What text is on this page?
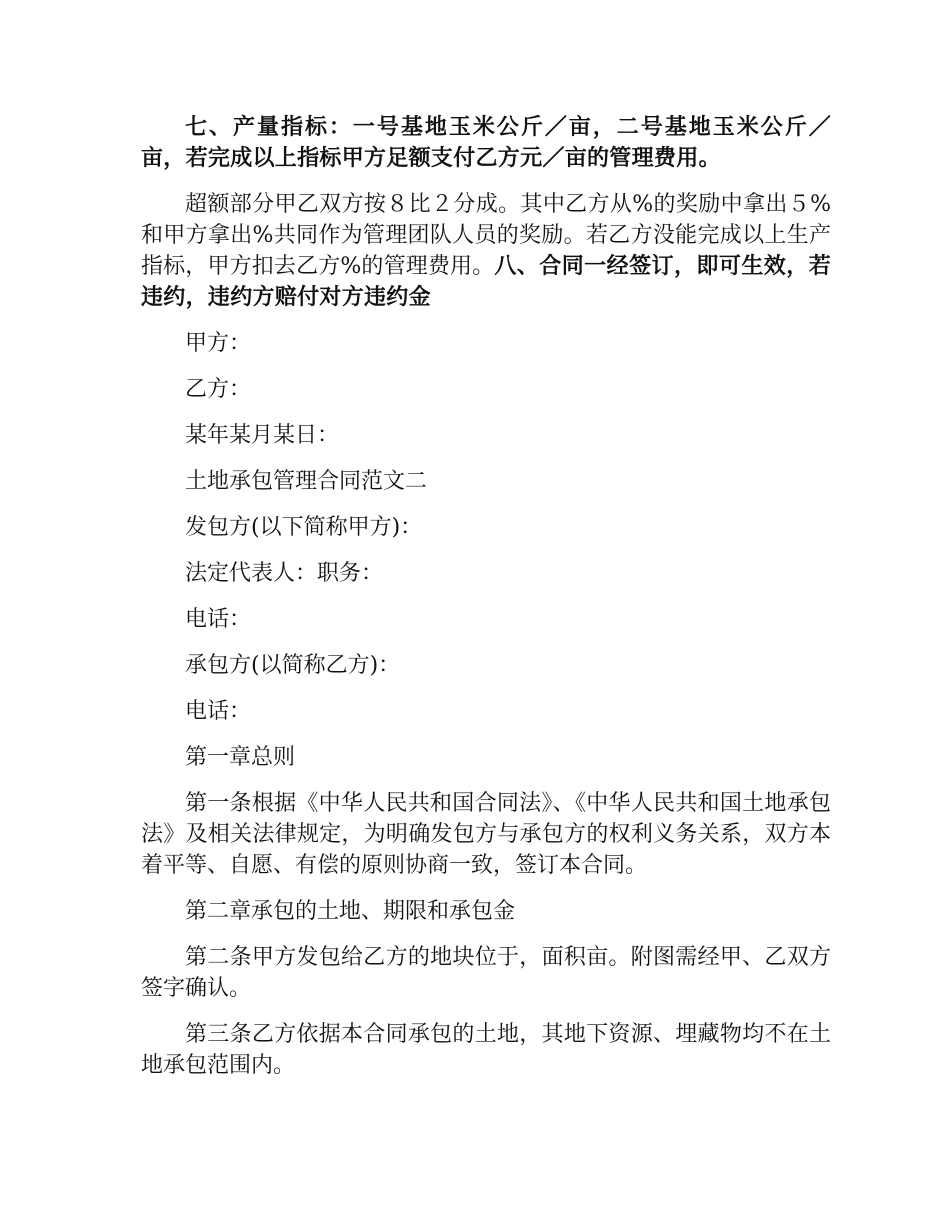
七、产量指标：一号基地玉米公斤／亩，二号基地玉米公斤／亩，若完成以上指标甲方足额支付乙方元／亩的管理费用。

超额部分甲乙双方按８比２分成。其中乙方从%的奖励中拿出５%和甲方拿出%共同作为管理团队人员的奖励。若乙方没能完成以上生产指标，甲方扣去乙方%的管理费用。八、合同一经签订，即可生效，若违约，违约方赔付对方违约金

甲方：

乙方：

某年某月某日：

土地承包管理合同范文二

发包方(以下简称甲方)：

法定代表人：职务：

电话：

承包方(以简称乙方)：

电话：

第一章总则

第一条根据《中华人民共和国合同法》、《中华人民共和国土地承包法》及相关法律规定，为明确发包方与承包方的权利义务关系，双方本着平等、自愿、有偿的原则协商一致，签订本合同。

第二章承包的土地、期限和承包金

第二条甲方发包给乙方的地块位于，面积亩。附图需经甲、乙双方签字确认。

第三条乙方依据本合同承包的土地，其地下资源、埋藏物均不在土地承包范围内。
